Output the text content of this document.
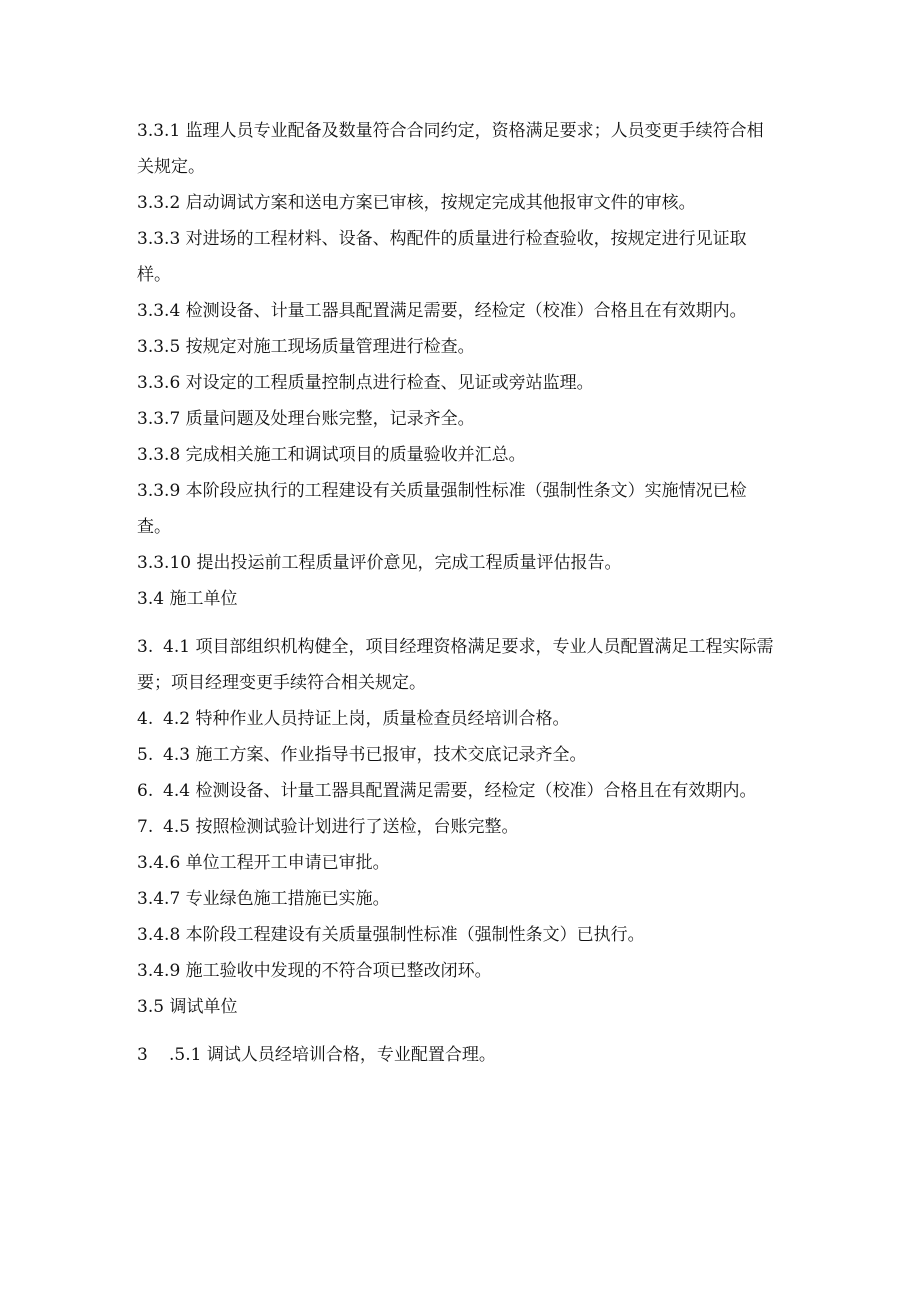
3.3.1 监理人员专业配备及数量符合合同约定，资格满足要求；人员变更手续符合相关规定。

3.3.2 启动调试方案和送电方案已审核，按规定完成其他报审文件的审核。

3.3.3 对进场的工程材料、设备、构配件的质量进行检查验收，按规定进行见证取样。

3.3.4 检测设备、计量工器具配置满足需要，经检定（校准）合格且在有效期内。

3.3.5 按规定对施工现场质量管理进行检查。

3.3.6 对设定的工程质量控制点进行检查、见证或旁站监理。

3.3.7 质量问题及处理台账完整，记录齐全。

3.3.8 完成相关施工和调试项目的质量验收并汇总。

3.3.9 本阶段应执行的工程建设有关质量强制性标准（强制性条文）实施情况已检查。

3.3.10 提出投运前工程质量评价意见，完成工程质量评估报告。

3.4 施工单位

3. 4.1 项目部组织机构健全，项目经理资格满足要求，专业人员配置满足工程实际需要；项目经理变更手续符合相关规定。

4. 4.2 特种作业人员持证上岗，质量检查员经培训合格。

5. 4.3 施工方案、作业指导书已报审，技术交底记录齐全。

6. 4.4 检测设备、计量工器具配置满足需要，经检定（校准）合格且在有效期内。

7. 4.5 按照检测试验计划进行了送检，台账完整。

3.4.6 单位工程开工申请已审批。

3.4.7 专业绿色施工措施已实施。

3.4.8 本阶段工程建设有关质量强制性标准（强制性条文）已执行。

3.4.9 施工验收中发现的不符合项已整改闭环。

3.5 调试单位

3 .5.1 调试人员经培训合格，专业配置合理。
